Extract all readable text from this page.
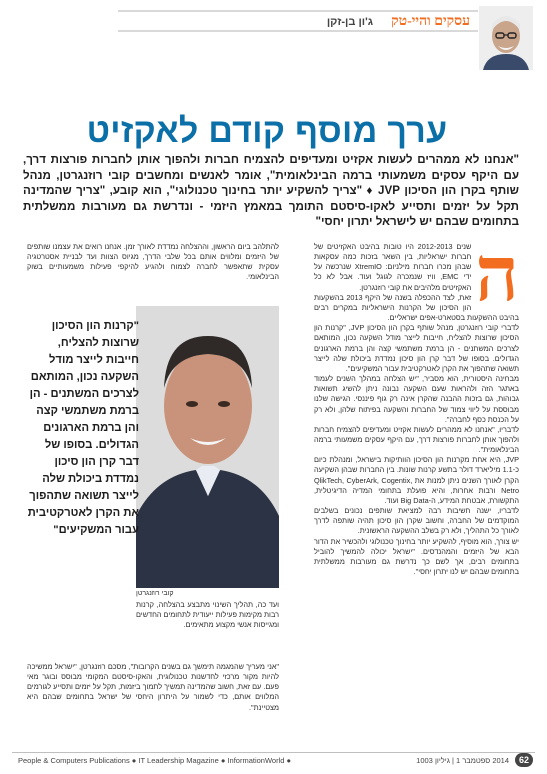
עסקים והיי-טק
ג'ון בן-זקן
ערך מוסף קודם לאקזיט
"אנחנו לא ממהרים לעשות אקזיט ומעדיפים להצמיח חברות ולהפוך אותן לחברות פורצות דרך, עם היקף עסקים משמעותי ברמה הבינלאומית", אומר לאנשים ומחשבים קובי רוזנגרטן, מנהל שותף בקרן הון הסיכון JVP ♦ "צריך להשקיע יותר בחינוך טכנולוגי", הוא קובע, "צריך שהמדינה תקל על יזמים ותסייע לאקו-סיסטם התומך במאמץ היזמי - ונדרשת גם מעורבות ממשלתית בתחומים שבהם יש לישראל יתרון יחסי"
ה

שנים 2012-2013 היו טובות בהיבט האקזיטים של חברות ישראליות, בין השאר בזכות כמה עסקאות שבהן מכרו חברות מילניום: XtremIO שנרכשה על ידי EMC, וויז שנמכרה לגוגל ועוד. אבל לא כל האקזיטים מלהיבים את קובי רוזנגרטן.

זאת, לצד ההכפלה בשנה של היקף 2013 בהשקעות הון הסיכון של הקרנות הישראליות במקרים רבים בהיבט ההשקעות בסטארט-אפים ישראליים.

לדברי קובי רוזנגרטן, מנהל שותף בקרן הון הסיכון JVP, "קרנות הון הסיכון שרוצות להצליח, חייבות לייצר מודל השקעה נכון, המותאם לצרכים המשתנים - הן ברמת משתמשי קצה והן ברמת הארגונים הגדולים. בסופו של דבר קרן הון סיכון נמדדת ביכולת שלה לייצר תשואה שתהפוך את הקרן לאטרקטיבית עבור המשקיעים".

מבחינה היסטורית, הוא מסביר, "יש הצלחה במהלך השנים לעמוד באתגר הזה ולהראות שעם השקעה נבונה ניתן להשיג תשואות גבוהות, גם בזכות ההבנה שהקרן אינה רק גוף פיננסי. הגישה שלנו מבוססת על ליווי צמוד של החברות והשקעה בפיתוח שלהן, ולא רק על הכנסת כסף לחברה".

לדבריו, "אנחנו לא ממהרים לעשות אקזיט ומעדיפים להצמיח חברות ולהפוך אותן לחברות פורצות דרך, עם היקף עסקים משמעותי ברמה הבינלאומית".

JVP, היא אחת מקרנות הון הסיכון הוותיקות בישראל, ומנהלת כיום כ-1.1 מיליארד דולר בתשע קרנות שונות. בין החברות שבהן השקיעה הקרן לאורך השנים ניתן למנות את QlikTech, CyberArk, Cogentix, Netro ורבות אחרות, והיא פועלת בתחומי המדיה הדיגיטלית, התקשורת, אבטחת המידע, ה-Big Data ועוד.

לדבריו, ישנה חשיבות רבה למציאת שותפים נכונים בשלבים המוקדמים של החברה, וחשוב שקרן הון סיכון תהיה שותפה לדרך לאורך כל התהליך, ולא רק בשלב ההשקעה הראשונית.

יש צורך, הוא מוסיף, להשקיע יותר בחינוך טכנולוגי ולהכשיר את הדור הבא של היזמים והמהנדסים. "ישראל יכולה להמשיך להוביל בתחומים רבים, אך לשם כך נדרשת גם מעורבות ממשלתית בתחומים שבהם יש לנו יתרון יחסי".

להתלהב ביום הראשון, וההצלחה נמדדת לאורך זמן. אנחנו רואים את עצמנו שותפים של היזמים ומלווים אותם בכל שלבי הדרך, מגיוס הצוות ועד לבניית אסטרטגיה עסקית שתאפשר לחברה לצמוח ולהגיע להיקפי פעילות משמעותיים בשוק הבינלאומי.
קובי רוזנגרטן
"קרנות הון הסיכון שרוצות להצליח, חייבות לייצר מודל השקעה נכון, המותאם לצרכים המשתנים - הן ברמת משתמשי קצה והן ברמת הארגונים הגדולים. בסופו של דבר קרן הון סיכון נמדדת ביכולת שלה לייצר תשואה שתהפוך את הקרן לאטרקטיבית עבור המשקיעים"
ועד כה, תהליך השינוי מתבצע בהצלחה, קרנות רבות מקימות פעילות ייעודית לתחומים החדשים ומגייסות אנשי מקצוע מתאימים.
"אני מעריך שהמגמה תימשך גם בשנים הקרובות", מסכם רוזנגרטן, "ישראל ממשיכה להיות מקור מרכזי לחדשנות טכנולוגית, והאקו-סיסטם המקומי מבוסס ובוגר מאי פעם. עם זאת, חשוב שהמדינה תמשיך לתמוך ביזמות, תקל על יזמים ותסייע לגורמים המלווים אותם, כדי לשמור על היתרון היחסי של ישראל בתחומים שבהם היא מצטיינת".
People & Computers Publications ● IT Leadership Magazine ● InformationWorld ●	2014 ספטמבר 1 | גיליון 1003	62
